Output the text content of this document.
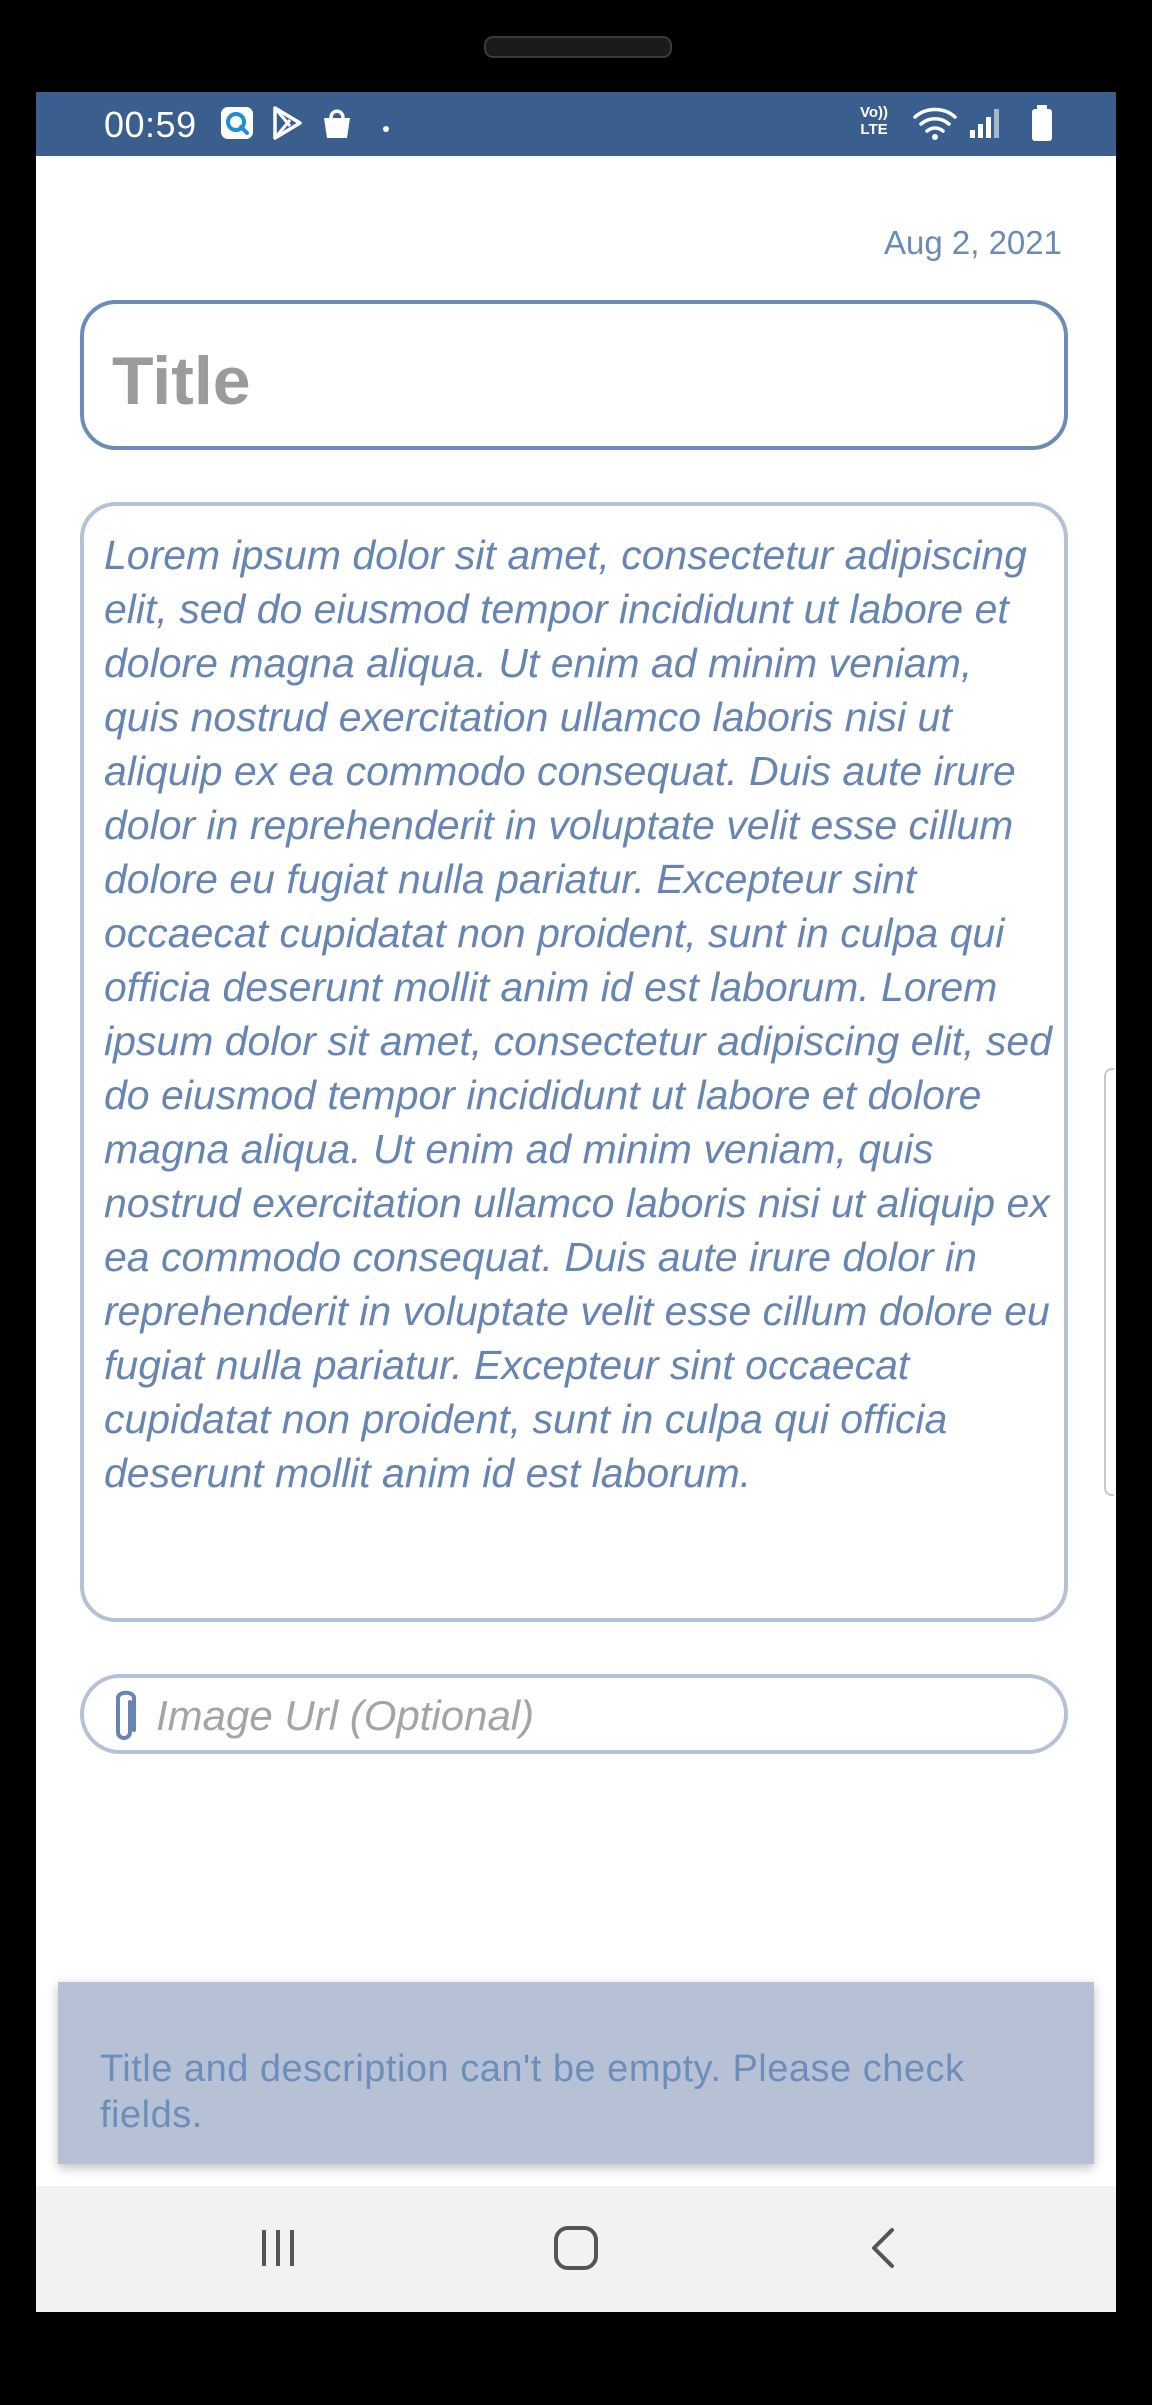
00:59	Vo))
LTE
Aug 2, 2021
Title

Lorem ipsum dolor sit amet, consectetur adipiscing elit, sed do eiusmod tempor incididunt ut labore et dolore magna aliqua. Ut enim ad minim veniam, quis nostrud exercitation ullamco laboris nisi ut aliquip ex ea commodo consequat. Duis aute irure dolor in reprehenderit in voluptate velit esse cillum dolore eu fugiat nulla pariatur. Excepteur sint occaecat cupidatat non proident, sunt in culpa qui officia deserunt mollit anim id est laborum. Lorem ipsum dolor sit amet, consectetur adipiscing elit, sed do eiusmod tempor incididunt ut labore et dolore magna aliqua. Ut enim ad minim veniam, quis nostrud exercitation ullamco laboris nisi ut aliquip ex ea commodo consequat. Duis aute irure dolor in reprehenderit in voluptate velit esse cillum dolore eu fugiat nulla pariatur. Excepteur sint occaecat cupidatat non proident, sunt in culpa qui officia deserunt mollit anim id est laborum.

Image Url (Optional)
Title and description can't be empty. Please check fields.
